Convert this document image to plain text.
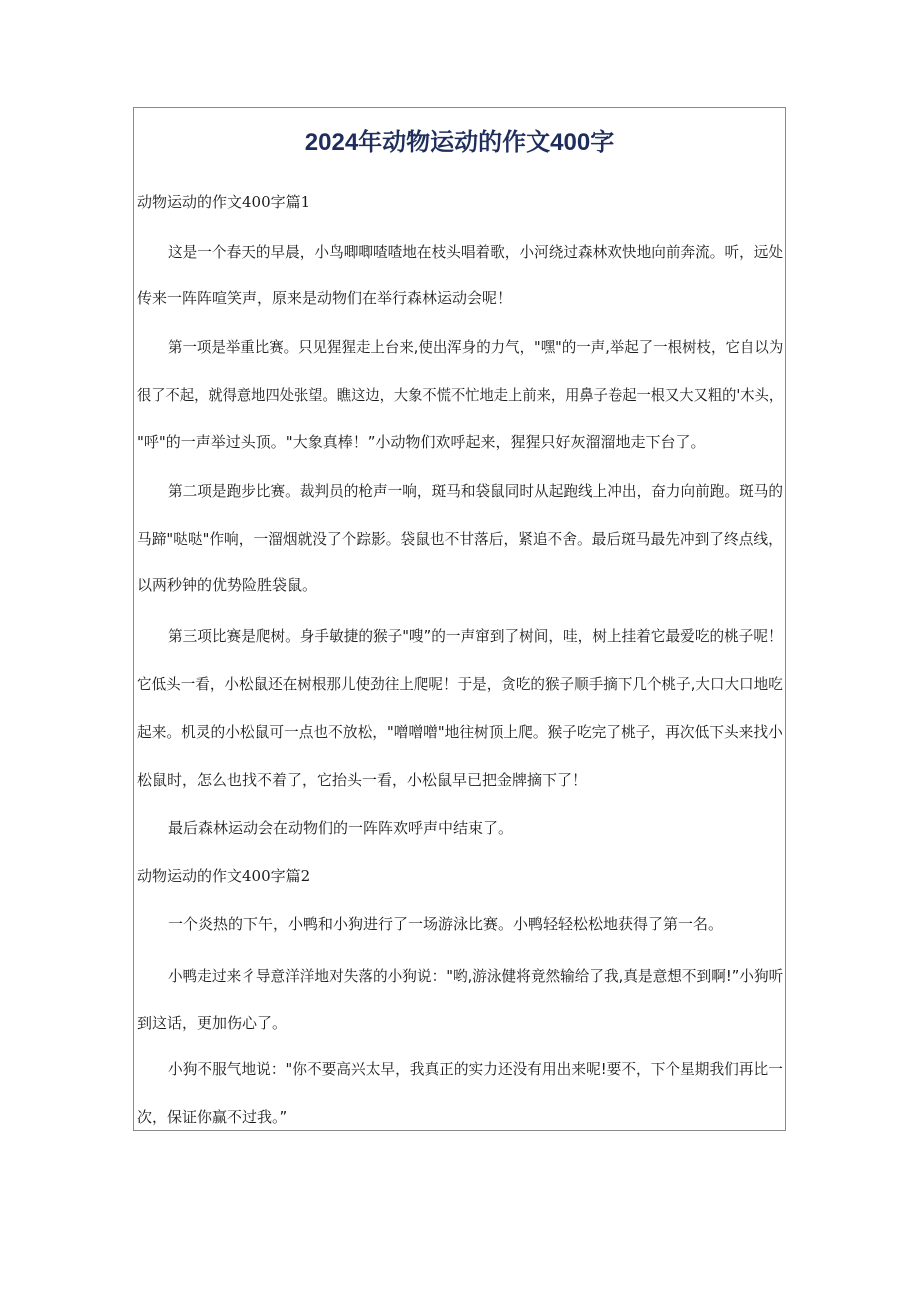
2024年动物运动的作文400字
动物运动的作文400字篇1
这是一个春天的早晨，小鸟唧唧喳喳地在枝头唱着歌，小河绕过森林欢快地向前奔流。听，远处
传来一阵阵喧笑声，原来是动物们在举行森林运动会呢！
第一项是举重比赛。只见猩猩走上台来,使出浑身的力气，"嘿"的一声,举起了一根树枝，它自以为
很了不起，就得意地四处张望。瞧这边，大象不慌不忙地走上前来，用鼻子卷起一根又大又粗的'木头，
"呼"的一声举过头顶。"大象真棒！”小动物们欢呼起来，猩猩只好灰溜溜地走下台了。
第二项是跑步比赛。裁判员的枪声一响，斑马和袋鼠同时从起跑线上冲出，奋力向前跑。斑马的
马蹄"哒哒"作响，一溜烟就没了个踪影。袋鼠也不甘落后，紧追不舍。最后斑马最先冲到了终点线，
以两秒钟的优势险胜袋鼠。
第三项比赛是爬树。身手敏捷的猴子"嗖”的一声窜到了树间，哇，树上挂着它最爱吃的桃子呢！
它低头一看，小松鼠还在树根那儿使劲往上爬呢！于是，贪吃的猴子顺手摘下几个桃子,大口大口地吃
起来。机灵的小松鼠可一点也不放松，"噌噌噌"地往树顶上爬。猴子吃完了桃子，再次低下头来找小
松鼠时，怎么也找不着了，它抬头一看，小松鼠早已把金牌摘下了！
最后森林运动会在动物们的一阵阵欢呼声中结束了。
动物运动的作文400字篇2
一个炎热的下午，小鸭和小狗进行了一场游泳比赛。小鸭轻轻松松地获得了第一名。
小鸭走过来彳导意洋洋地对失落的小狗说："哟,游泳健将竟然输给了我,真是意想不到啊!”小狗听
到这话，更加伤心了。
小狗不服气地说："你不要高兴太早，我真正的实力还没有用出来呢!要不，下个星期我们再比一
次，保证你赢不过我。”
